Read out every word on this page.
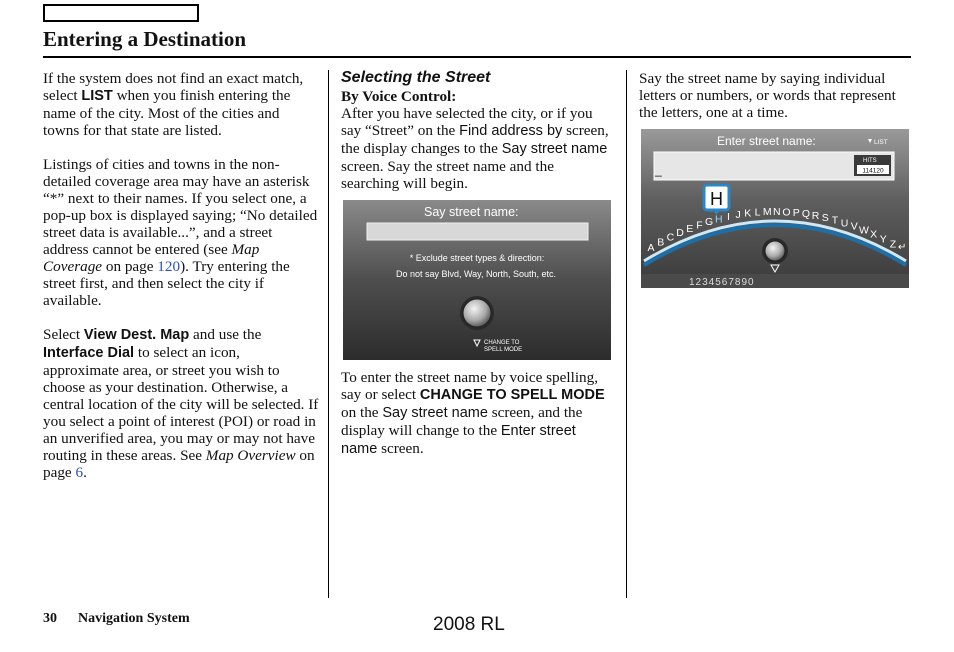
Entering a Destination

If the system does not find an exact match, select LIST when you finish entering the name of the city. Most of the cities and towns for that state are listed.

Listings of cities and towns in the non-detailed coverage area may have an asterisk “*” next to their names. If you select one, a pop-up box is displayed saying; “No detailed street data is available...”, and a street address cannot be entered (see Map Coverage on page 120). Try entering the street first, and then select the city if available.

Select View Dest. Map and use the Interface Dial to select an icon, approximate area, or street you wish to choose as your destination. Otherwise, a central location of the city will be selected. If you select a point of interest (POI) or road in an unverified area, you may or may not have routing in these areas. See Map Overview on page 6.

Selecting the Street
By Voice Control:

After you have selected the city, or if you say “Street” on the Find address by screen, the display changes to the Say street name screen. Say the street name and the searching will begin.

Say street name:
* Exclude street types & direction:
Do not say Blvd, Way, North, South, etc.
CHANGE TO
SPELL MODE

To enter the street name by voice spelling, say or select CHANGE TO SPELL MODE on the Say street name screen, and the display will change to the Enter street name screen.

Say the street name by saying individual letters or numbers, or words that represent the letters, one at a time.

Enter street name:	LIST
_
HITS
114120
A B C D E F G H I J K L M N O P Q R S T U V W X Y Z
H
↵
1234567890
30 Navigation System	2008 RL
